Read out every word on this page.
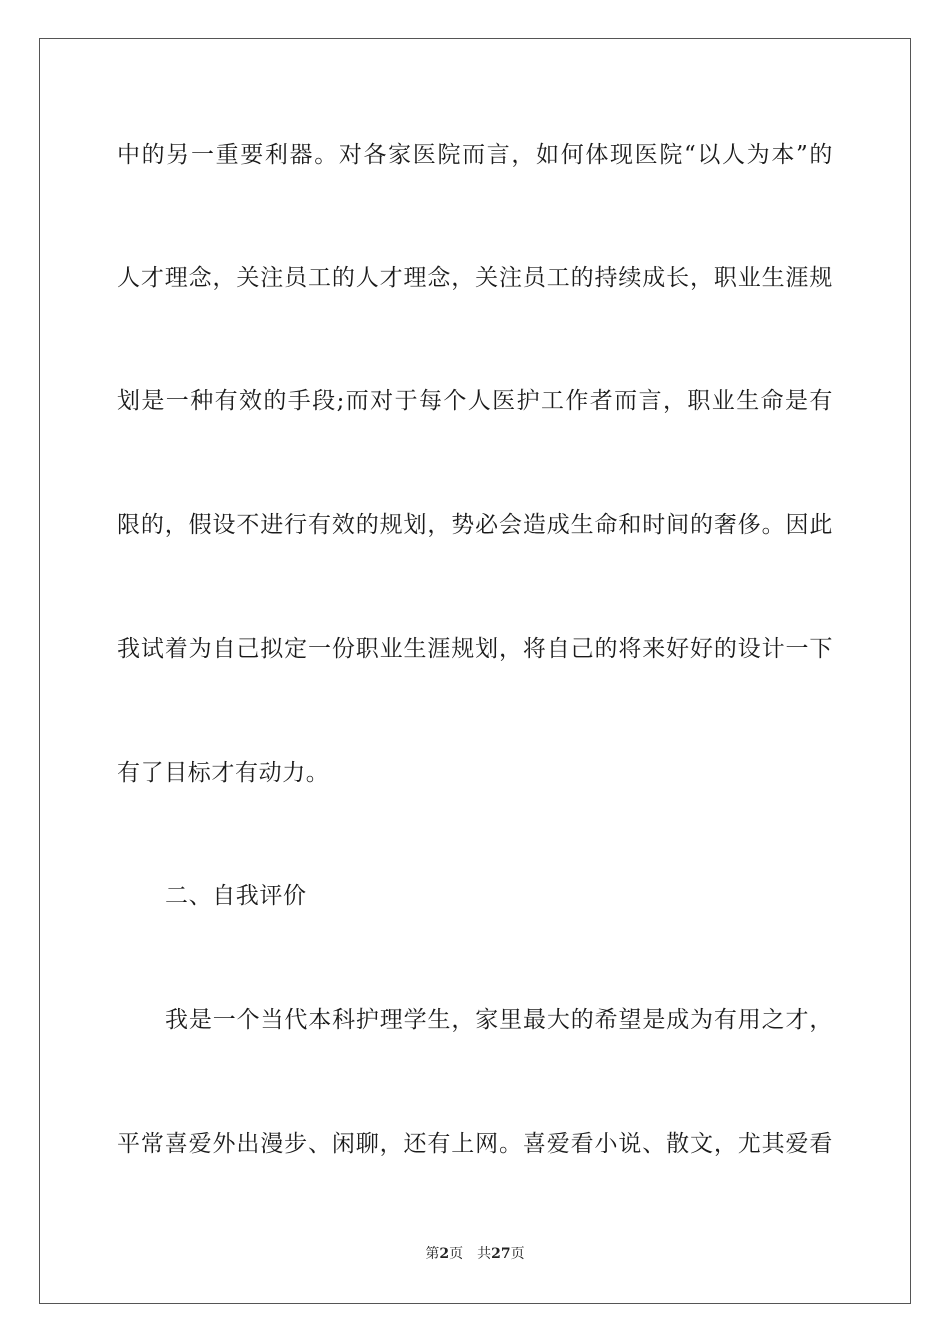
中的另一重要利器。对各家医院而言，如何体现医院“以人为本”的
人才理念，关注员工的人才理念，关注员工的持续成长，职业生涯规
划是一种有效的手段;而对于每个人医护工作者而言，职业生命是有
限的，假设不进行有效的规划，势必会造成生命和时间的奢侈。因此
我试着为自己拟定一份职业生涯规划，将自己的将来好好的设计一下
有了目标才有动力。
二、自我评价
我是一个当代本科护理学生，家里最大的希望是成为有用之才，
平常喜爱外出漫步、闲聊，还有上网。喜爱看小说、散文，尤其爱看
第2页 共27页
